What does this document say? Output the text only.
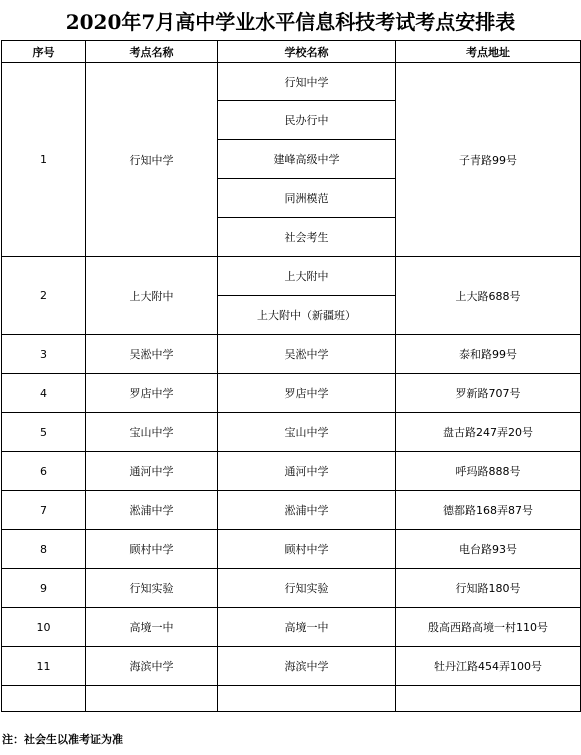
2020年7月高中学业水平信息科技考试考点安排表
序号	考点名称	学校名称	考点地址
1	行知中学	行知中学	子青路99号
		民办行中	
		建峰高级中学	
		同洲模范	
		社会考生	
2	上大附中	上大附中	上大路688号
		上大附中（新疆班）	
3	吴淞中学	吴淞中学	泰和路99号
4	罗店中学	罗店中学	罗新路707号
5	宝山中学	宝山中学	盘古路247弄20号
6	通河中学	通河中学	呼玛路888号
7	淞浦中学	淞浦中学	德都路168弄87号
8	顾村中学	顾村中学	电台路93号
9	行知实验	行知实验	行知路180号
10	高境一中	高境一中	殷高西路高境一村110号
11	海滨中学	海滨中学	牡丹江路454弄100号

注：社会生以准考证为准
